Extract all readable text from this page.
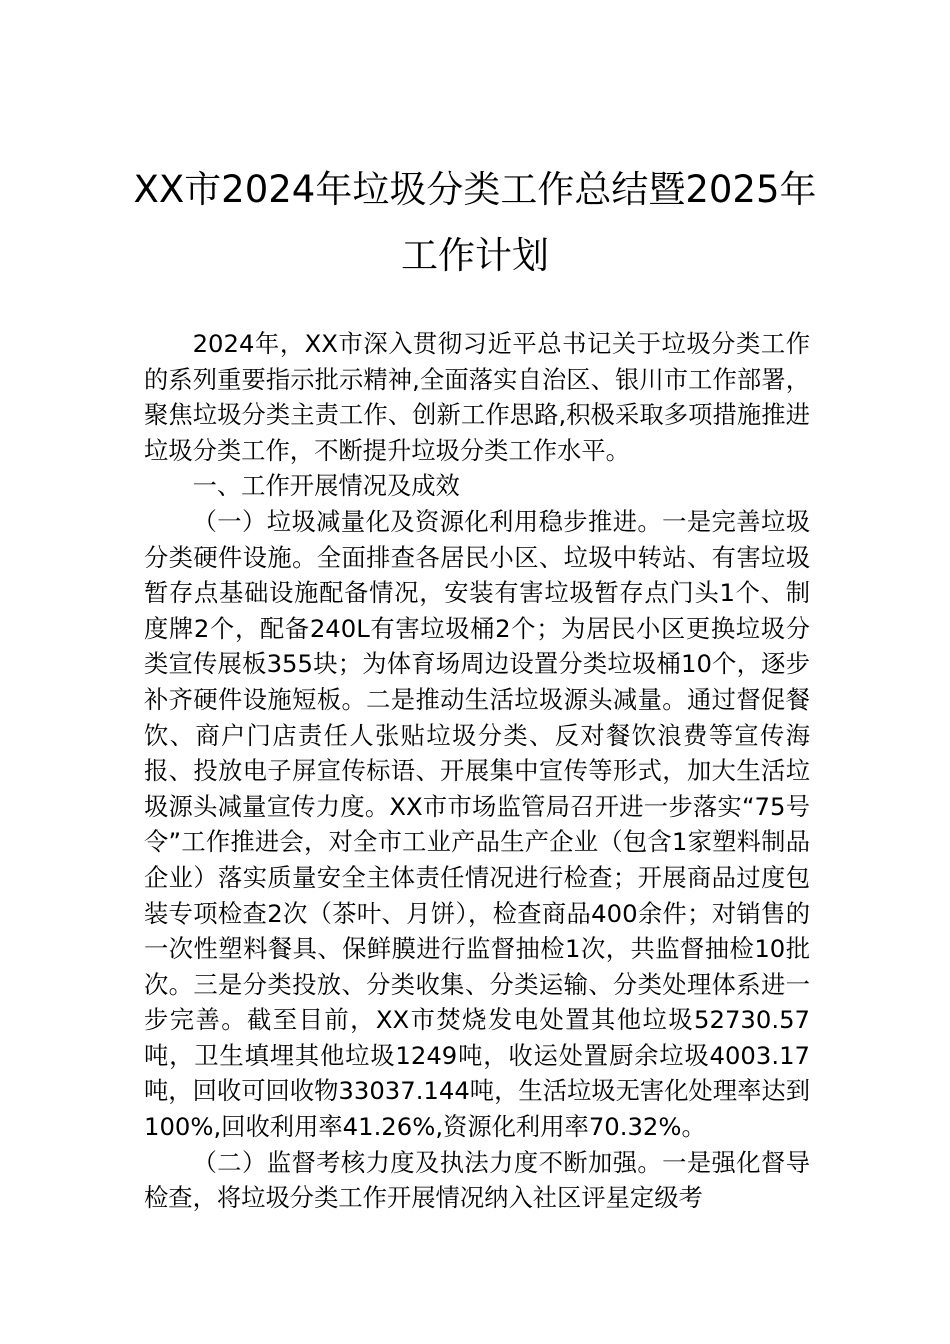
XX市2024年垃圾分类工作总结暨2025年
工作计划

2024年，XX市深入贯彻习近平总书记关于垃圾分类工作的系列重要指示批示精神,全面落实自治区、银川市工作部署，聚焦垃圾分类主责工作、创新工作思路,积极采取多项措施推进垃圾分类工作，不断提升垃圾分类工作水平。

一、工作开展情况及成效

（一）垃圾减量化及资源化利用稳步推进。一是完善垃圾分类硬件设施。全面排查各居民小区、垃圾中转站、有害垃圾暂存点基础设施配备情况，安装有害垃圾暂存点门头1个、制度牌2个，配备240L有害垃圾桶2个；为居民小区更换垃圾分类宣传展板355块；为体育场周边设置分类垃圾桶10个，逐步补齐硬件设施短板。二是推动生活垃圾源头减量。通过督促餐饮、商户门店责任人张贴垃圾分类、反对餐饮浪费等宣传海报、投放电子屏宣传标语、开展集中宣传等形式，加大生活垃圾源头减量宣传力度。XX市市场监管局召开进一步落实“75号令”工作推进会，对全市工业产品生产企业（包含1家塑料制品企业）落实质量安全主体责任情况进行检查；开展商品过度包装专项检查2次（茶叶、月饼），检查商品400余件；对销售的一次性塑料餐具、保鲜膜进行监督抽检1次，共监督抽检10批次。三是分类投放、分类收集、分类运输、分类处理体系进一步完善。截至目前，XX市焚烧发电处置其他垃圾52730.57吨，卫生填埋其他垃圾1249吨，收运处置厨余垃圾4003.17吨，回收可回收物33037.144吨，生活垃圾无害化处理率达到100%,回收利用率41.26%,资源化利用率70.32%。

（二）监督考核力度及执法力度不断加强。一是强化督导检查，将垃圾分类工作开展情况纳入社区评星定级考
